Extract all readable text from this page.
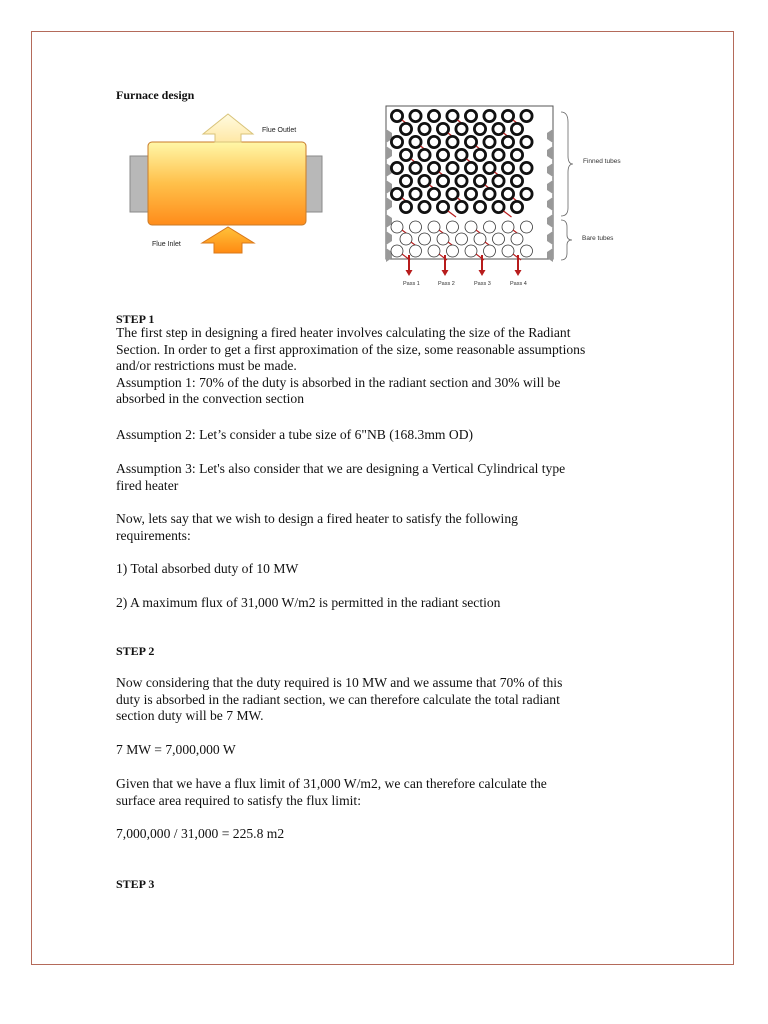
Furnace design
Flue Outlet
Flue Inlet
Pass 1	Pass 2	Pass 3	Pass 4
Finned tubes
Bare tubes
STEP 1

The first step in designing a fired heater involves calculating the size of the Radiant

Section. In order to get a first approximation of the size, some reasonable assumptions

and/or restrictions must be made.

Assumption 1: 70% of the duty is absorbed in the radiant section and 30% will be

absorbed in the convection section

Assumption 2: Let’s consider a tube size of 6"NB (168.3mm OD)

Assumption 3: Let's also consider that we are designing a Vertical Cylindrical type

fired heater

Now, lets say that we wish to design a fired heater to satisfy the following

requirements:

1) Total absorbed duty of 10 MW
2) A maximum flux of 31,000 W/m2 is permitted in the radiant section
STEP 2

Now considering that the duty required is 10 MW and we assume that 70% of this

duty is absorbed in the radiant section, we can therefore calculate the total radiant

section duty will be 7 MW.

7 MW = 7,000,000 W

Given that we have a flux limit of 31,000 W/m2, we can therefore calculate the

surface area required to satisfy the flux limit:

7,000,000 / 31,000 = 225.8 m2
STEP 3
